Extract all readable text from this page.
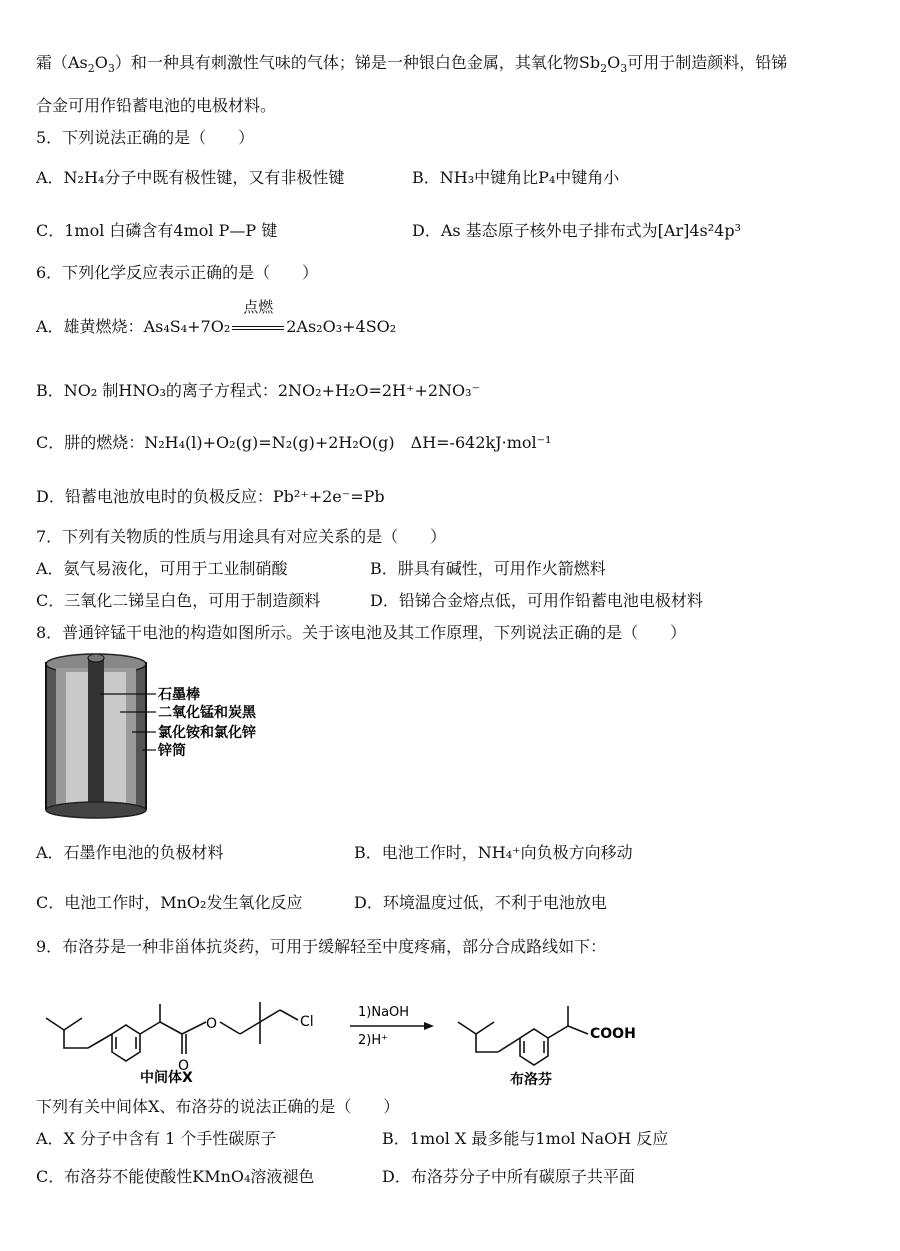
霜$(As_2O_3)$和一种具有刺激性气味的气体；锑是一种银白色金属，其氧化物$Sb_2O_3$可用于制造颜料，铅锑
合金可用作铅蓄电池的电极材料。
5．下列说法正确的是（　　）
A．N₂H₄分子中既有极性键，又有非极性键	B．NH₃中键角比P₄中键角小
C．1mol 白磷含有4mol P—P 键	D．As 基态原子核外电子排布式为[Ar]4s²4p³
6．下列化学反应表示正确的是（　　）
A．雄黄燃烧：As₄S₄+7O₂
点燃
2As₂O₃+4SO₂
B．NO₂ 制HNO₃的离子方程式：2NO₂+H₂O=2H⁺+2NO₃⁻
C．肼的燃烧：N₂H₄(l)+O₂(g)=N₂(g)+2H₂O(g)　ΔH=-642kJ·mol⁻¹
D．铅蓄电池放电时的负极反应：Pb²⁺+2e⁻=Pb
7．下列有关物质的性质与用途具有对应关系的是（　　）
A．氨气易液化，可用于工业制硝酸	B．肼具有碱性，可用作火箭燃料
C．三氧化二锑呈白色，可用于制造颜料	D．铅锑合金熔点低，可用作铅蓄电池电极材料
8．普通锌锰干电池的构造如图所示。关于该电池及其工作原理，下列说法正确的是（　　）
石墨棒
二氧化锰和炭黑
氯化铵和氯化锌
锌筒
A．石墨作电池的负极材料	B．电池工作时，NH₄⁺向负极方向移动
C．电池工作时，MnO₂发生氧化反应	D．环境温度过低，不利于电池放电
9．布洛芬是一种非甾体抗炎药，可用于缓解轻至中度疼痛，部分合成路线如下：
O
O
Cl
中间体X
1)NaOH
2)H⁺	COOH
布洛芬
下列有关中间体X、布洛芬的说法正确的是（　　）
A．X 分子中含有 1 个手性碳原子	B．1mol X 最多能与1mol NaOH 反应
C．布洛芬不能使酸性KMnO₄溶液褪色	D．布洛芬分子中所有碳原子共平面
